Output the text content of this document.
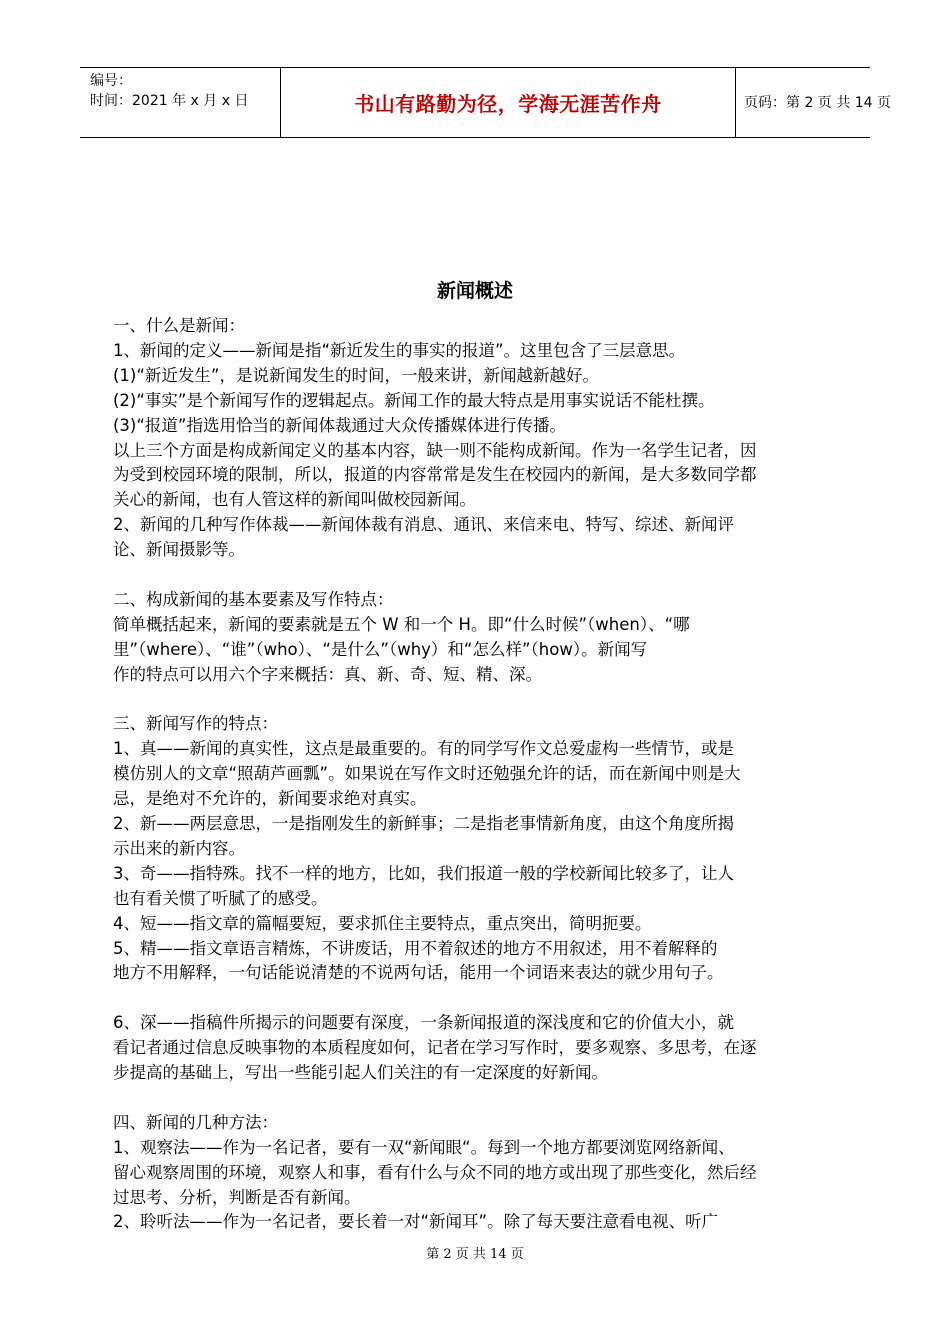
编号：
时间：2021 年 x 月 x 日	书山有路勤为径，学海无涯苦作舟	页码：第 2 页 共 14 页
新闻概述
一、什么是新闻：
1、新闻的定义——新闻是指“新近发生的事实的报道”。这里包含了三层意思。
(1)“新近发生”，是说新闻发生的时间，一般来讲，新闻越新越好。
(2)“事实”是个新闻写作的逻辑起点。新闻工作的最大特点是用事实说话不能杜撰。
(3)“报道”指选用恰当的新闻体裁通过大众传播媒体进行传播。
以上三个方面是构成新闻定义的基本内容，缺一则不能构成新闻。作为一名学生记者，因
为受到校园环境的限制，所以，报道的内容常常是发生在校园内的新闻，是大多数同学都
关心的新闻，也有人管这样的新闻叫做校园新闻。
2、新闻的几种写作体裁——新闻体裁有消息、通讯、来信来电、特写、综述、新闻评
论、新闻摄影等。
二、构成新闻的基本要素及写作特点：
简单概括起来，新闻的要素就是五个 W 和一个 H。即“什么时候”（when）、“哪
里”（where）、“谁”（who）、“是什么”（why）和“怎么样”（how）。新闻写
作的特点可以用六个字来概括：真、新、奇、短、精、深。
三、新闻写作的特点：
1、真——新闻的真实性，这点是最重要的。有的同学写作文总爱虚构一些情节，或是
模仿别人的文章“照葫芦画瓢”。如果说在写作文时还勉强允许的话，而在新闻中则是大
忌，是绝对不允许的，新闻要求绝对真实。
2、新——两层意思，一是指刚发生的新鲜事；二是指老事情新角度，由这个角度所揭
示出来的新内容。
3、奇——指特殊。找不一样的地方，比如，我们报道一般的学校新闻比较多了，让人
也有看关惯了听腻了的感受。
4、短——指文章的篇幅要短，要求抓住主要特点，重点突出，简明扼要。
5、精——指文章语言精炼，不讲废话，用不着叙述的地方不用叙述，用不着解释的
地方不用解释，一句话能说清楚的不说两句话，能用一个词语来表达的就少用句子。
6、深——指稿件所揭示的问题要有深度，一条新闻报道的深浅度和它的价值大小，就
看记者通过信息反映事物的本质程度如何，记者在学习写作时，要多观察、多思考，在逐
步提高的基础上，写出一些能引起人们关注的有一定深度的好新闻。
四、新闻的几种方法：
1、观察法——作为一名记者，要有一双“新闻眼“。每到一个地方都要浏览网络新闻、
留心观察周围的环境，观察人和事，看有什么与众不同的地方或出现了那些变化，然后经
过思考、分析，判断是否有新闻。
2、聆听法——作为一名记者，要长着一对“新闻耳”。除了每天要注意看电视、听广
第 2 页 共 14 页
